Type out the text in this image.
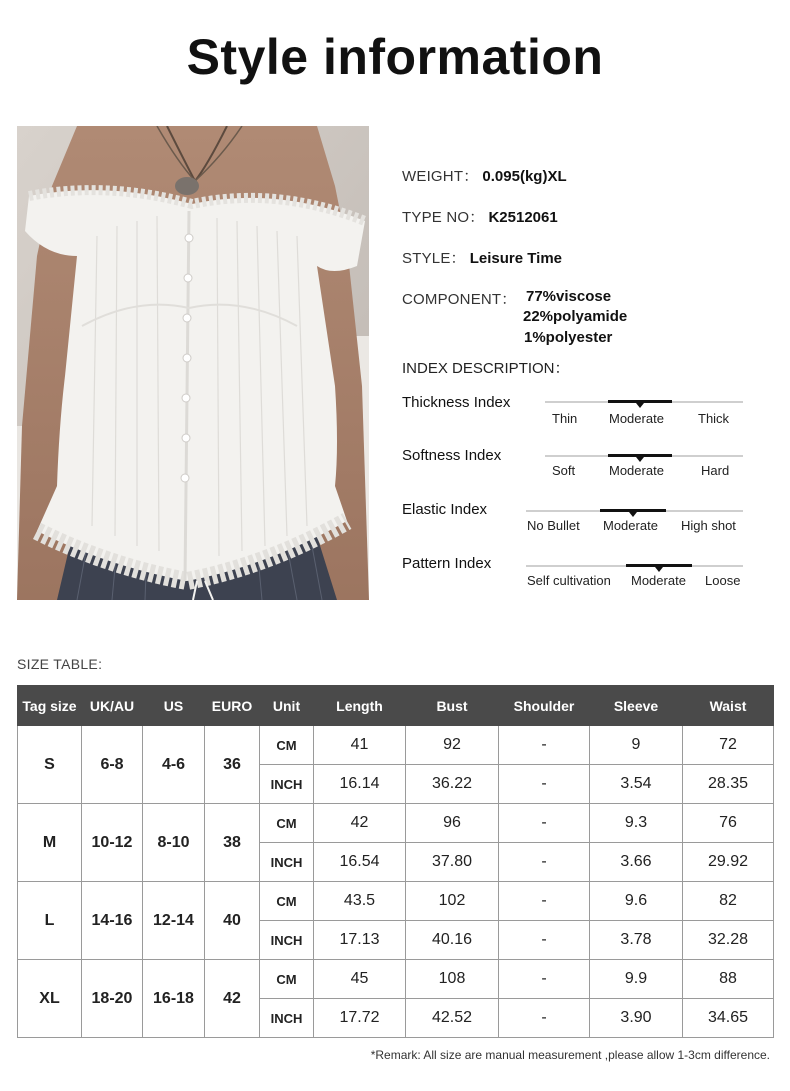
Style information
WEIGHT： 0.095(kg)XL
TYPE NO： K2512061
STYLE： Leisure Time
COMPONENT： 77%viscose
22%polyamide
1%polyester
INDEX DESCRIPTION：
Thickness Index
Thin Moderate	Thick
Softness Index
Soft	Moderate	Hard
Elastic Index
No Bullet Moderate High shot
Pattern Index
Self cultivation Moderate Loose
SIZE TABLE:
Tag size	UK/AU	US	EURO	Unit	Length	Bust	Shoulder	Sleeve	Waist
S	6-8	4-6	36	CM	41	92	-	9	72
				INCH	16.14	36.22	-	3.54	28.35
M	10-12	8-10	38	CM	42	96	-	9.3	76
				INCH	16.54	37.80	-	3.66	29.92
L	14-16	12-14	40	CM	43.5	102	-	9.6	82
				INCH	17.13	40.16	-	3.78	32.28
XL	18-20	16-18	42	CM	45	108	-	9.9	88
				INCH	17.72	42.52	-	3.90	34.65
*Remark: All size are manual measurement ,please allow 1-3cm difference.
